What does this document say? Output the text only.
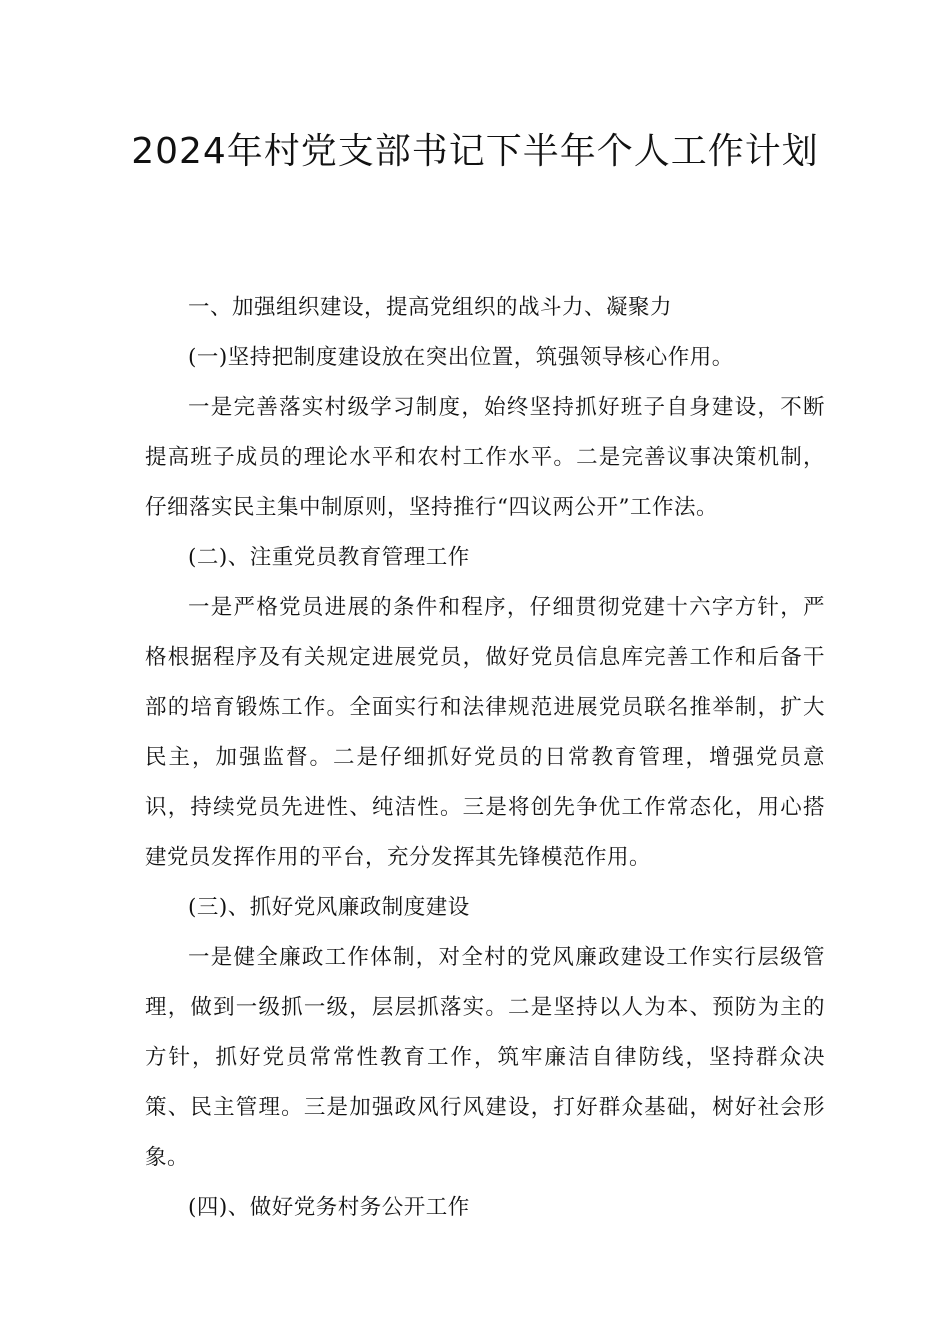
2024年村党支部书记下半年个人工作计划

一、加强组织建设，提高党组织的战斗力、凝聚力

(一)坚持把制度建设放在突出位置，筑强领导核心作用。

一是完善落实村级学习制度，始终坚持抓好班子自身建设，不断提高班子成员的理论水平和农村工作水平。二是完善议事决策机制，仔细落实民主集中制原则，坚持推行“四议两公开”工作法。

(二)、注重党员教育管理工作

一是严格党员进展的条件和程序，仔细贯彻党建十六字方针，严格根据程序及有关规定进展党员，做好党员信息库完善工作和后备干部的培育锻炼工作。全面实行和法律规范进展党员联名推举制，扩大民主，加强监督。二是仔细抓好党员的日常教育管理，增强党员意识，持续党员先进性、纯洁性。三是将创先争优工作常态化，用心搭建党员发挥作用的平台，充分发挥其先锋模范作用。

(三)、抓好党风廉政制度建设

一是健全廉政工作体制，对全村的党风廉政建设工作实行层级管理，做到一级抓一级，层层抓落实。二是坚持以人为本、预防为主的方针，抓好党员常常性教育工作，筑牢廉洁自律防线，坚持群众决策、民主管理。三是加强政风行风建设，打好群众基础，树好社会形象。

(四)、做好党务村务公开工作
